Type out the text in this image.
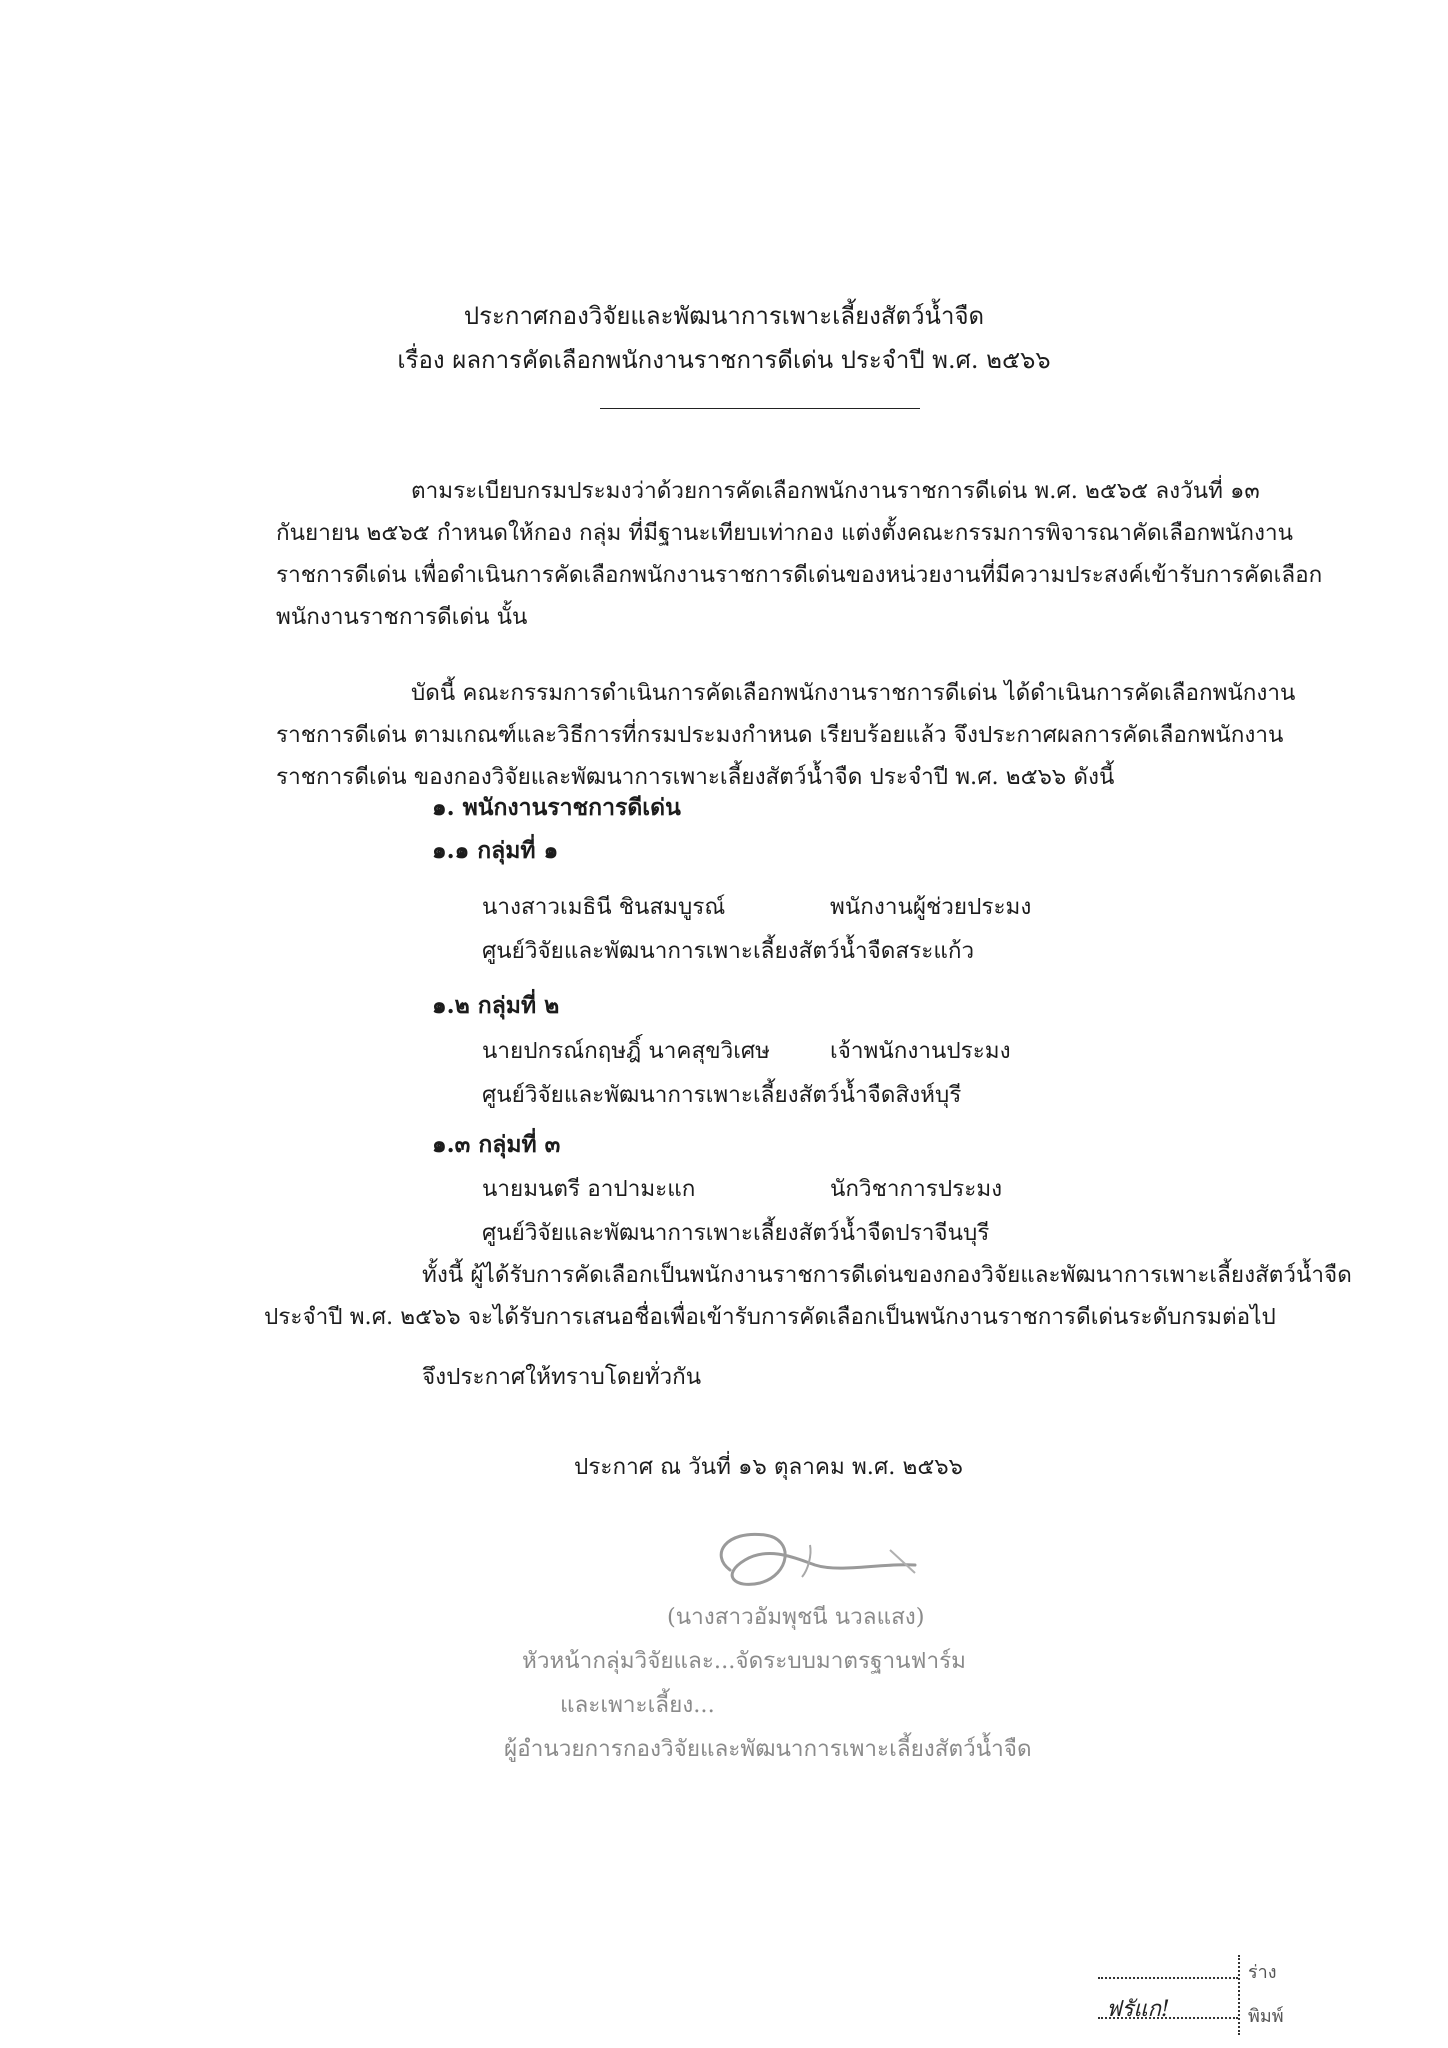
ประกาศกองวิจัยและพัฒนาการเพาะเลี้ยงสัตว์น้ำจืด
เรื่อง ผลการคัดเลือกพนักงานราชการดีเด่น ประจำปี พ.ศ. ๒๕๖๖
ตามระเบียบกรมประมงว่าด้วยการคัดเลือกพนักงานราชการดีเด่น พ.ศ. ๒๕๖๕ ลงวันที่ ๑๓
กันยายน ๒๕๖๕ กำหนดให้กอง กลุ่ม ที่มีฐานะเทียบเท่ากอง แต่งตั้งคณะกรรมการพิจารณาคัดเลือกพนักงาน
ราชการดีเด่น เพื่อดำเนินการคัดเลือกพนักงานราชการดีเด่นของหน่วยงานที่มีความประสงค์เข้ารับการคัดเลือก
พนักงานราชการดีเด่น นั้น
บัดนี้ คณะกรรมการดำเนินการคัดเลือกพนักงานราชการดีเด่น ได้ดำเนินการคัดเลือกพนักงาน
ราชการดีเด่น ตามเกณฑ์และวิธีการที่กรมประมงกำหนด เรียบร้อยแล้ว จึงประกาศผลการคัดเลือกพนักงาน
ราชการดีเด่น ของกองวิจัยและพัฒนาการเพาะเลี้ยงสัตว์น้ำจืด ประจำปี พ.ศ. ๒๕๖๖ ดังนี้
๑. พนักงานราชการดีเด่น
๑.๑ กลุ่มที่ ๑
นางสาวเมธินี ชินสมบูรณ์	พนักงานผู้ช่วยประมง
ศูนย์วิจัยและพัฒนาการเพาะเลี้ยงสัตว์น้ำจืดสระแก้ว
๑.๒ กลุ่มที่ ๒
นายปกรณ์กฤษฎิ์ นาคสุขวิเศษ	เจ้าพนักงานประมง
ศูนย์วิจัยและพัฒนาการเพาะเลี้ยงสัตว์น้ำจืดสิงห์บุรี
๑.๓ กลุ่มที่ ๓
นายมนตรี อาปามะแก	นักวิชาการประมง
ศูนย์วิจัยและพัฒนาการเพาะเลี้ยงสัตว์น้ำจืดปราจีนบุรี
ทั้งนี้ ผู้ได้รับการคัดเลือกเป็นพนักงานราชการดีเด่นของกองวิจัยและพัฒนาการเพาะเลี้ยงสัตว์น้ำจืด
ประจำปี พ.ศ. ๒๕๖๖ จะได้รับการเสนอชื่อเพื่อเข้ารับการคัดเลือกเป็นพนักงานราชการดีเด่นระดับกรมต่อไป
จึงประกาศให้ทราบโดยทั่วกัน
ประกาศ ณ วันที่ ๑๖ ตุลาคม พ.ศ. ๒๕๖๖
(นางสาวอัมพุชนี นวลแสง)
หัวหน้ากลุ่มวิจัยและ...จัดระบบมาตรฐานฟาร์ม
และเพาะเลี้ยง...
ผู้อำนวยการกองวิจัยและพัฒนาการเพาะเลี้ยงสัตว์น้ำจืด
ร่าง
ฟรัแก!	พิมพ์
